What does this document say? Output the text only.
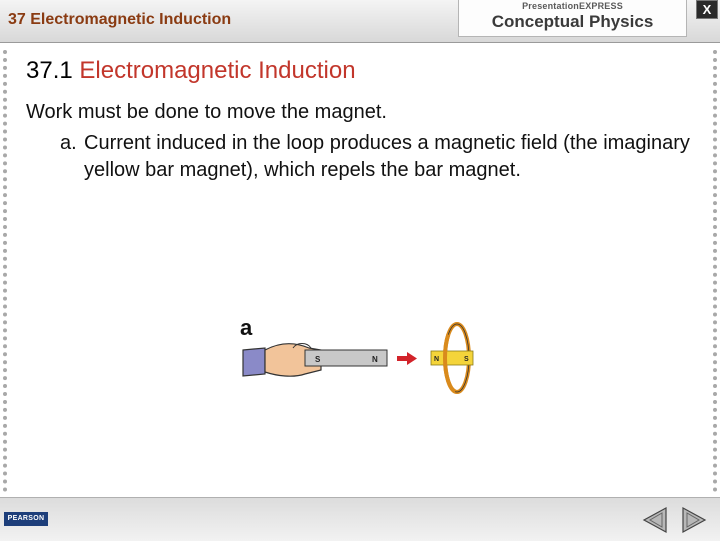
37 Electromagnetic Induction
PresentationEXPRESS
Conceptual Physics
X
37.1 Electromagnetic Induction
Work must be done to move the magnet.
a. Current induced in the loop produces a magnetic field (the imaginary yellow bar magnet), which repels the bar magnet.
a
S	N	N	S
PEARSON
